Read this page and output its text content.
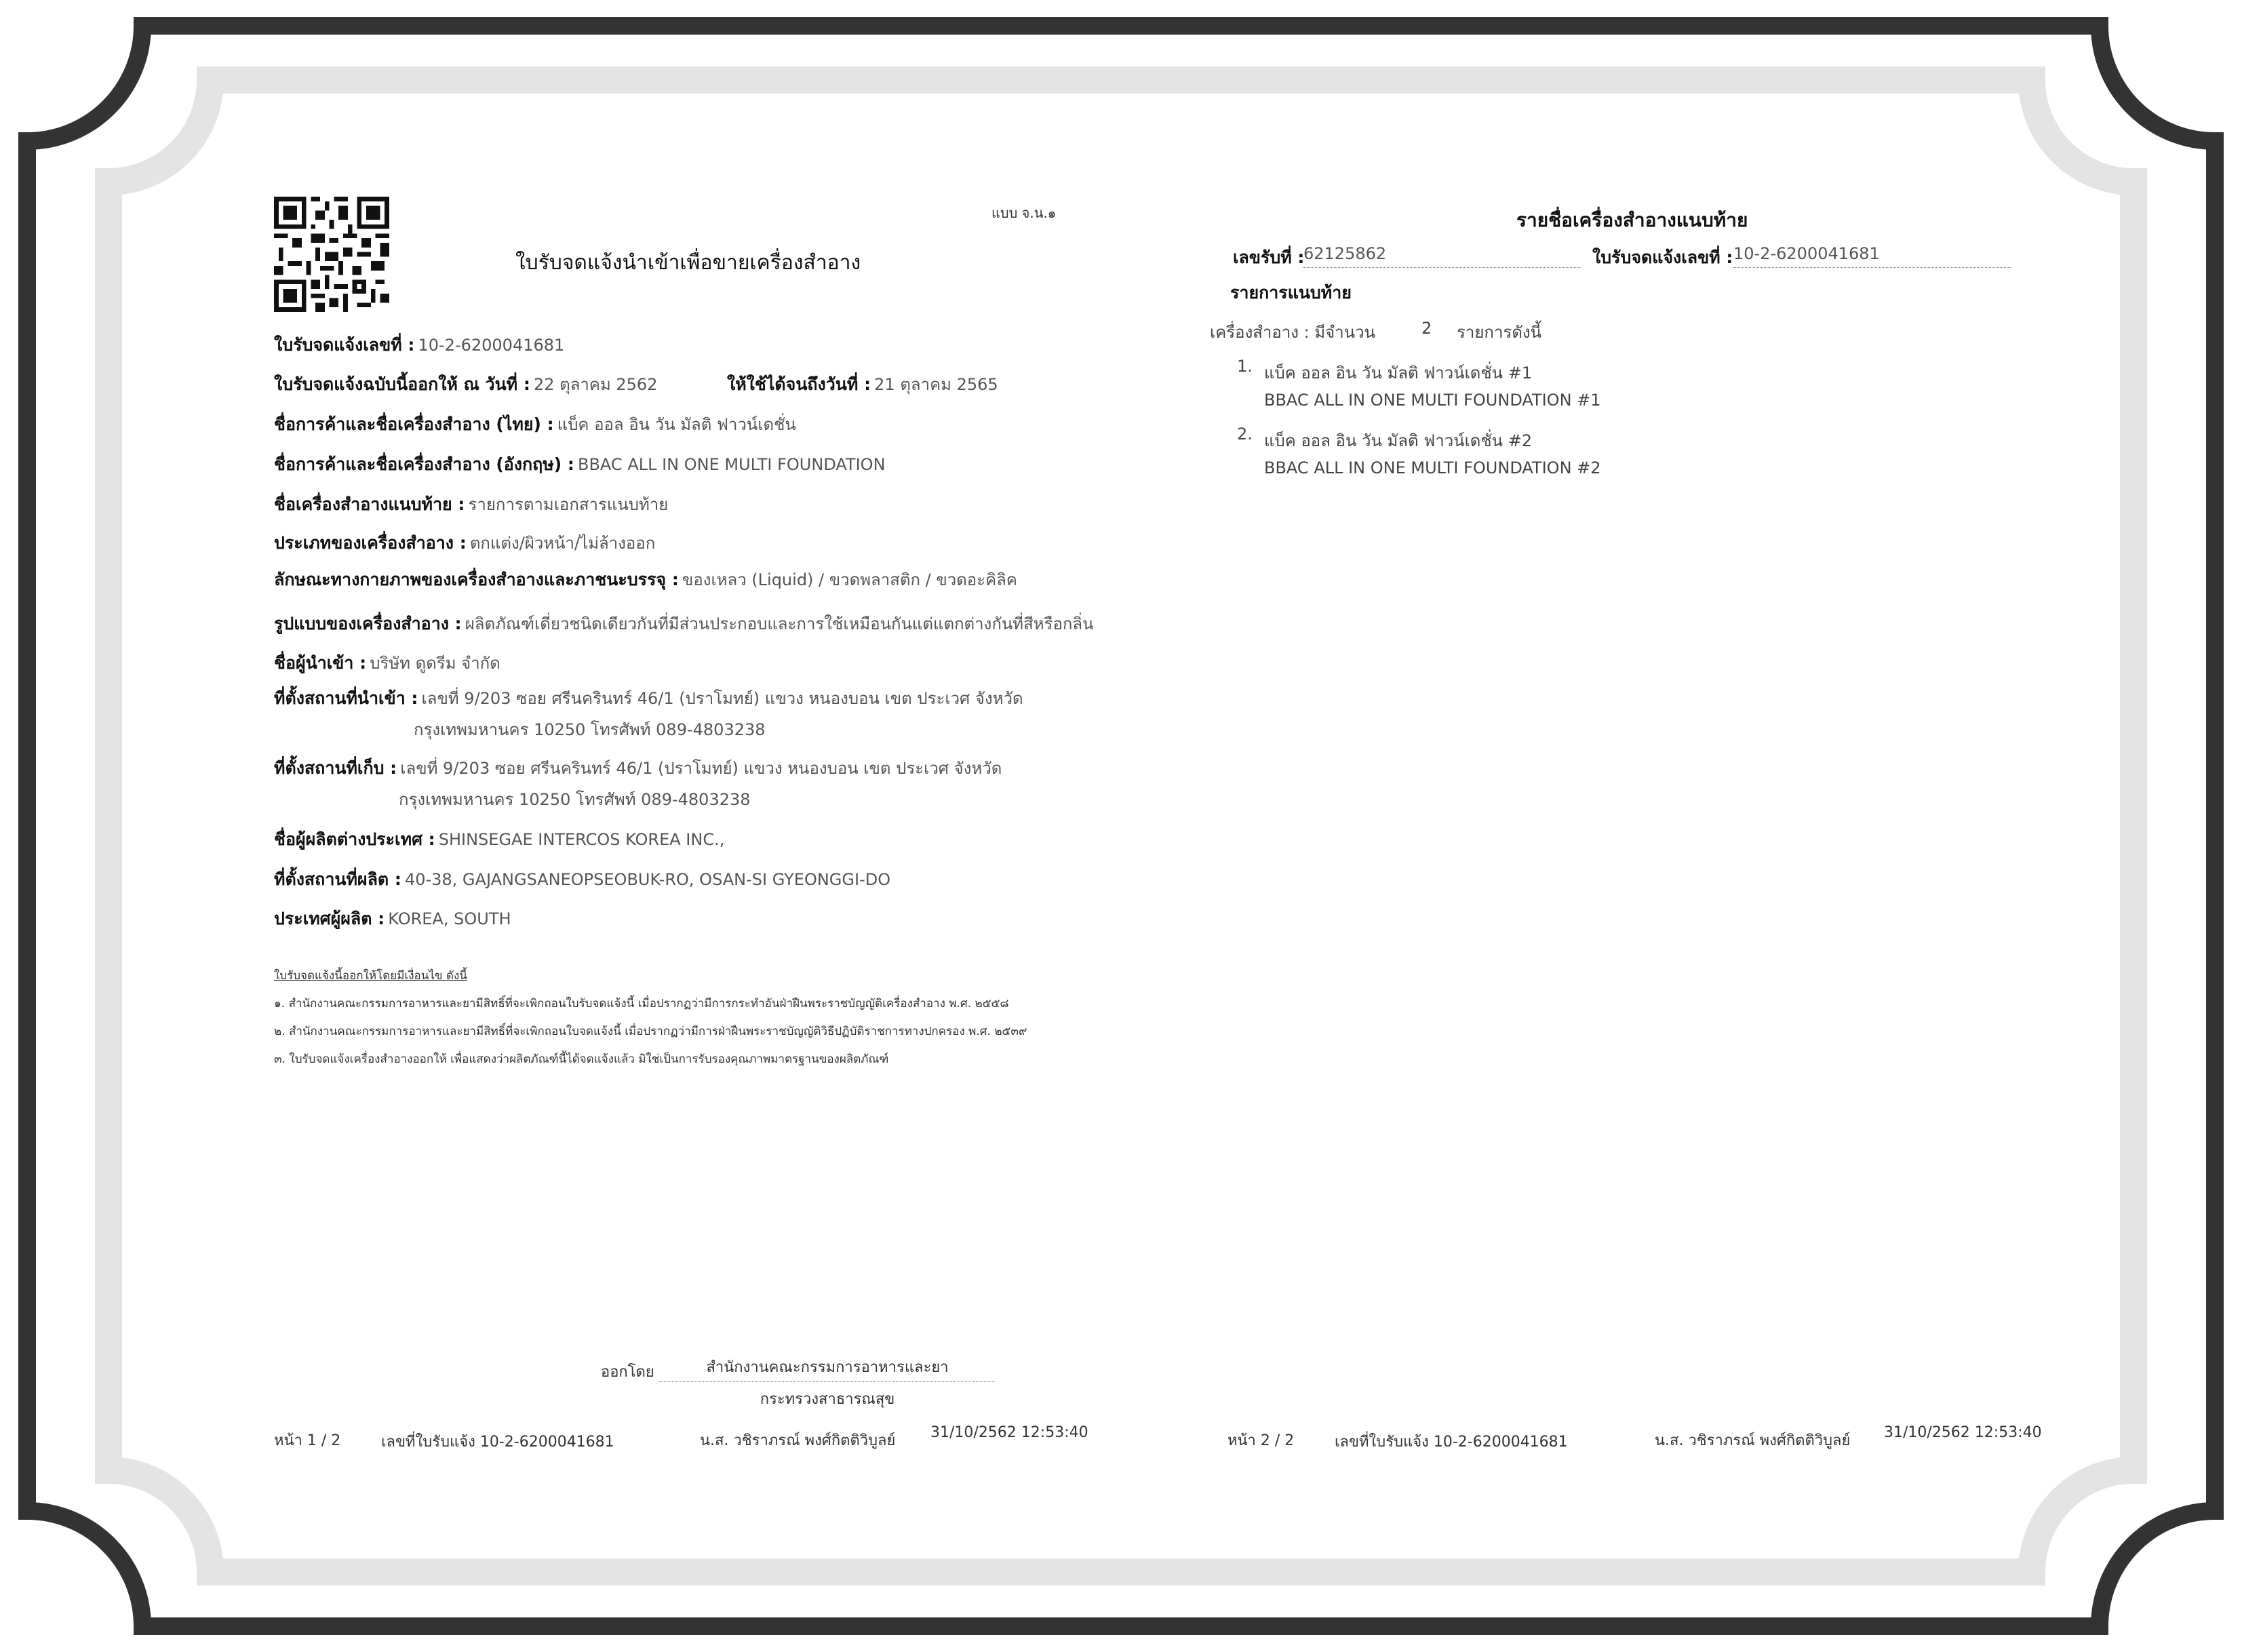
แบบ จ.น.๑
ใบรับจดแจ้งนำเข้าเพื่อขายเครื่องสำอาง
ใบรับจดแจ้งเลขที่ : 10-2-6200041681
ใบรับจดแจ้งฉบับนี้ออกให้ ณ วันที่ : 22 ตุลาคม 2562	ให้ใช้ได้จนถึงวันที่ : 21 ตุลาคม 2565
ชื่อการค้าและชื่อเครื่องสำอาง (ไทย) : แบ็ค ออล อิน วัน มัลติ ฟาวน์เดชั่น
ชื่อการค้าและชื่อเครื่องสำอาง (อังกฤษ) : BBAC ALL IN ONE MULTI FOUNDATION
ชื่อเครื่องสำอางแนบท้าย : รายการตามเอกสารแนบท้าย
ประเภทของเครื่องสำอาง : ตกแต่ง/ผิวหน้า/ไม่ล้างออก
ลักษณะทางกายภาพของเครื่องสำอางและภาชนะบรรจุ : ของเหลว (Liquid) / ขวดพลาสติก / ขวดอะคิลิค
รูปแบบของเครื่องสำอาง : ผลิตภัณฑ์เดี่ยวชนิดเดียวกันที่มีส่วนประกอบและการใช้เหมือนกันแต่แตกต่างกันที่สีหรือกลิ่น
ชื่อผู้นำเข้า : บริษัท ดูดรีม จำกัด
ที่ตั้งสถานที่นำเข้า : เลขที่ 9/203 ซอย ศรีนครินทร์ 46/1 (ปราโมทย์) แขวง หนองบอน เขต ประเวศ จังหวัด
กรุงเทพมหานคร 10250 โทรศัพท์ 089-4803238
ที่ตั้งสถานที่เก็บ : เลขที่ 9/203 ซอย ศรีนครินทร์ 46/1 (ปราโมทย์) แขวง หนองบอน เขต ประเวศ จังหวัด
กรุงเทพมหานคร 10250 โทรศัพท์ 089-4803238
ชื่อผู้ผลิตต่างประเทศ : SHINSEGAE INTERCOS KOREA INC.,
ที่ตั้งสถานที่ผลิต : 40-38, GAJANGSANEOPSEOBUK-RO, OSAN-SI GYEONGGI-DO
ประเทศผู้ผลิต : KOREA, SOUTH
ใบรับจดแจ้งนี้ออกให้โดยมีเงื่อนไข ดังนี้
๑. สำนักงานคณะกรรมการอาหารและยามีสิทธิ์ที่จะเพิกถอนใบรับจดแจ้งนี้ เมื่อปรากฏว่ามีการกระทำอันฝ่าฝืนพระราชบัญญัติเครื่องสำอาง พ.ศ. ๒๕๕๘
๒. สำนักงานคณะกรรมการอาหารและยามีสิทธิ์ที่จะเพิกถอนใบจดแจ้งนี้ เมื่อปรากฏว่ามีการฝ่าฝืนพระราชบัญญัติวิธีปฏิบัติราชการทางปกครอง พ.ศ. ๒๕๓๙
๓. ใบรับจดแจ้งเครื่องสำอางออกให้ เพื่อแสดงว่าผลิตภัณฑ์นี้ได้จดแจ้งแล้ว มิใช่เป็นการรับรองคุณภาพมาตรฐานของผลิตภัณฑ์
ออกโดย	สำนักงานคณะกรรมการอาหารและยา
กระทรวงสาธารณสุข
หน้า 1 / 2	เลขที่ใบรับแจ้ง 10-2-6200041681	น.ส. วชิราภรณ์ พงศ์กิตติวิบูลย์ 31/10/2562 12:53:40
รายชื่อเครื่องสำอางแนบท้าย
เลขรับที่ :
62125862	ใบรับจดแจ้งเลขที่ : 10-2-6200041681
รายการแนบท้าย
เครื่องสำอาง : มีจำนวน	2 รายการดังนี้
1. แบ็ค ออล อิน วัน มัลติ ฟาวน์เดชั่น #1
BBAC ALL IN ONE MULTI FOUNDATION #1
2. แบ็ค ออล อิน วัน มัลติ ฟาวน์เดชั่น #2
BBAC ALL IN ONE MULTI FOUNDATION #2
หน้า 2 / 2	เลขที่ใบรับแจ้ง 10-2-6200041681	น.ส. วชิราภรณ์ พงศ์กิตติวิบูลย์ 31/10/2562 12:53:40
